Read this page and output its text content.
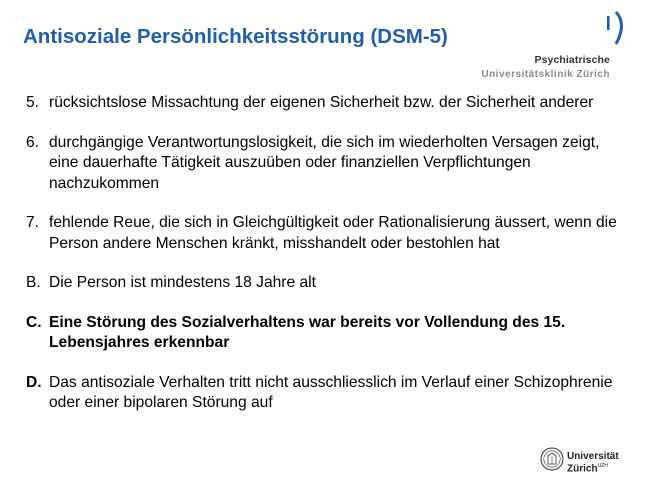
Antisoziale Persönlichkeitsstörung (DSM-5)
Psychiatrische
Universitätsklinik Zürich
5. rücksichtslose Missachtung der eigenen Sicherheit bzw. der Sicherheit anderer
6. durchgängige Verantwortungslosigkeit, die sich im wiederholten Versagen zeigt, eine dauerhafte Tätigkeit auszuüben oder finanziellen Verpflichtungen nachzukommen
7. fehlende Reue, die sich in Gleichgültigkeit oder Rationalisierung äussert, wenn die Person andere Menschen kränkt, misshandelt oder bestohlen hat
B. Die Person ist mindestens 18 Jahre alt
C. Eine Störung des Sozialverhaltens war bereits vor Vollendung des 15. Lebensjahres erkennbar
D. Das antisoziale Verhalten tritt nicht ausschliesslich im Verlauf einer Schizophrenie oder einer bipolaren Störung auf
Universität
Zürich$^{UZH}$
